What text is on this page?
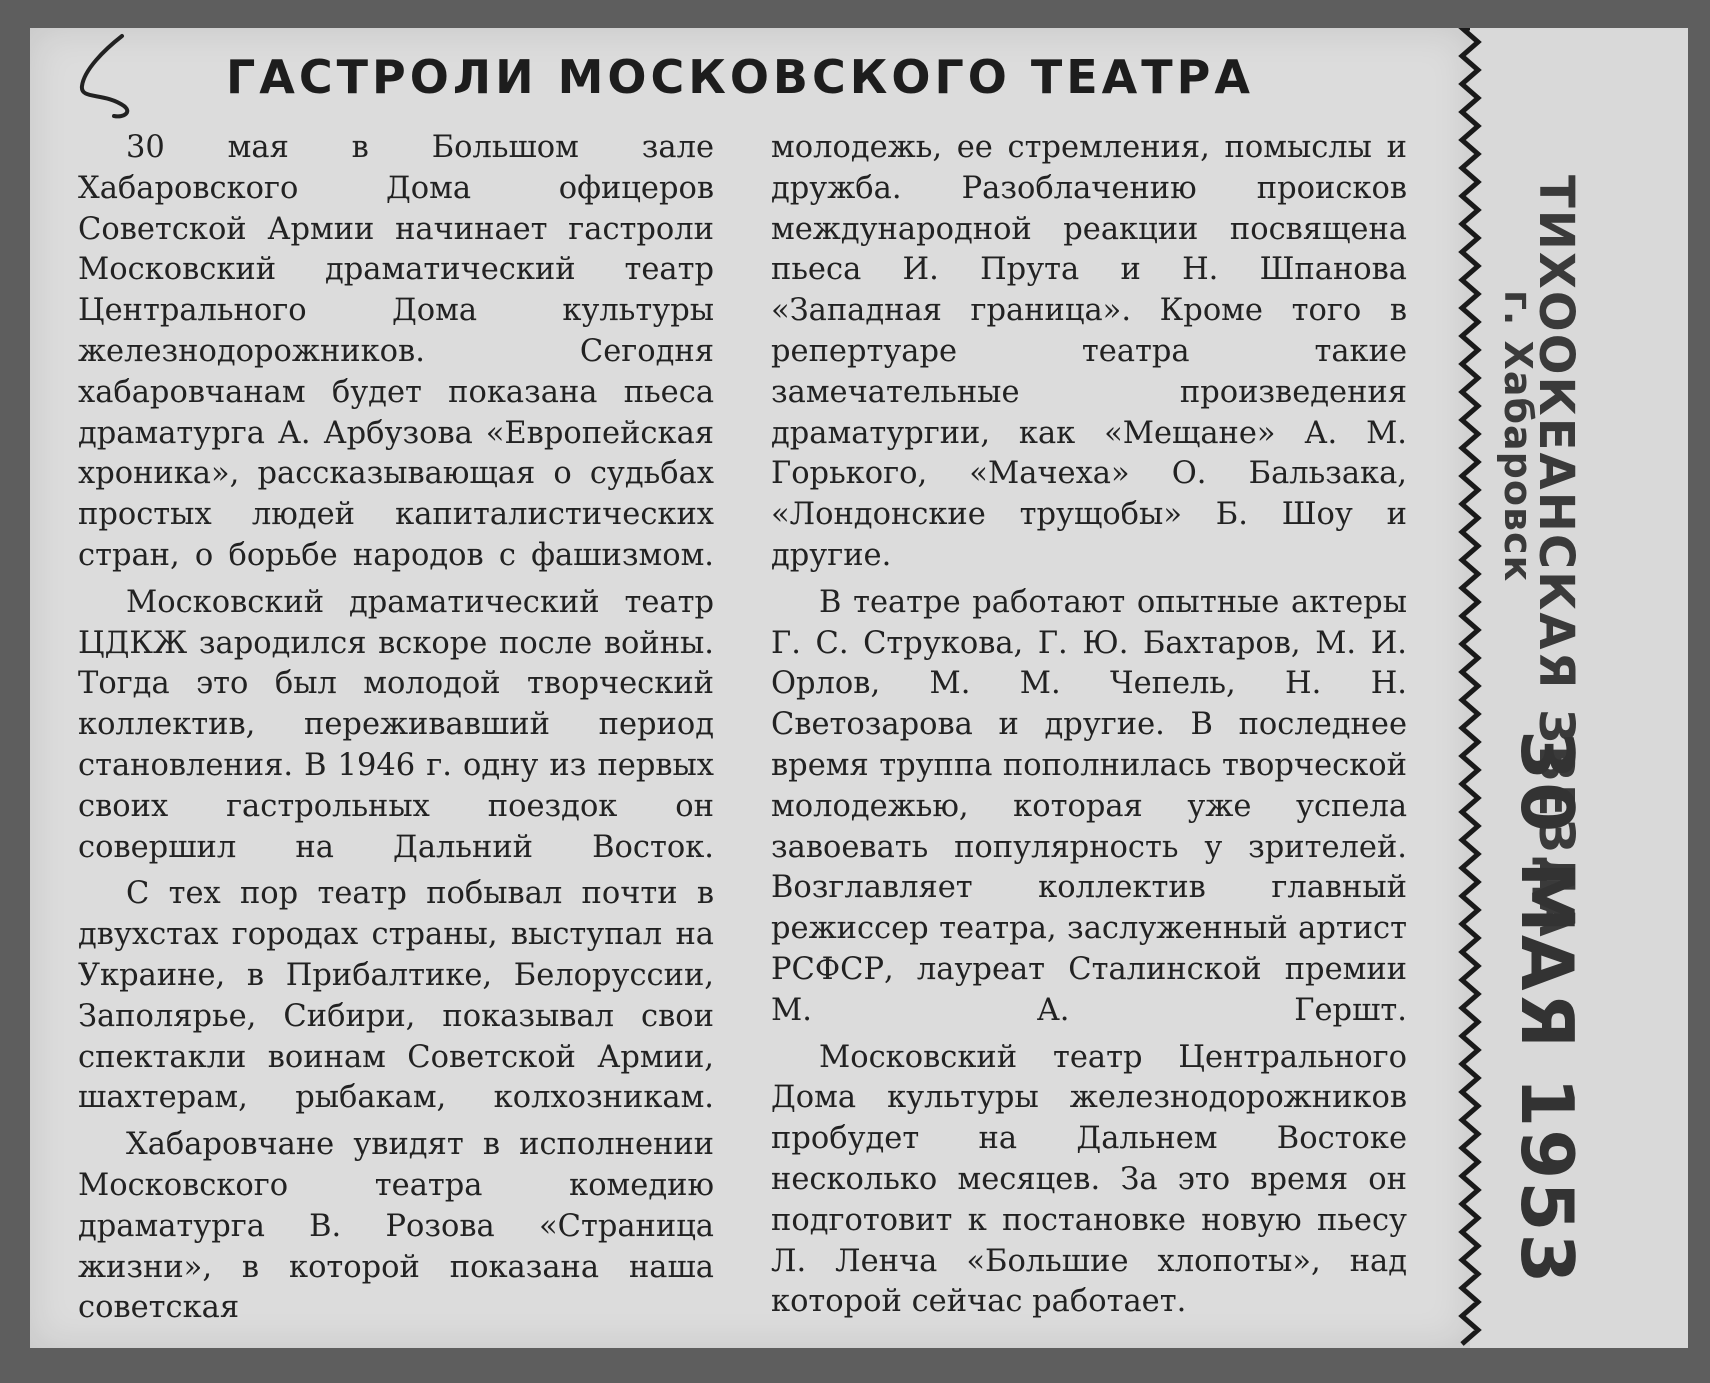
ГАСТРОЛИ МОСКОВСКОГО ТЕАТРА

30 мая в Большом зале Хабаровского Дома офицеров Советской Армии начинает гастроли Московский драматический театр Центрального Дома культуры железнодорожников. Сегодня хабаровчанам будет показана пьеса драматурга А. Арбузова «Европейская хроника», рассказывающая о судьбах простых людей капиталистических стран, о борьбе народов с фашизмом.

Московский драматический театр ЦДКЖ зародился вскоре после войны. Тогда это был молодой творческий коллектив, переживавший период становления. В 1946 г. одну из первых своих гастрольных поездок он совершил на Дальний Восток.

С тех пор театр побывал почти в двухстах городах страны, выступал на Украине, в Прибалтике, Белоруссии, Заполярье, Сибири, показывал свои спектакли воинам Советской Армии, шахтерам, рыбакам, колхозникам.

Хабаровчане увидят в исполнении Московского театра комедию драматурга В. Розова «Страница жизни», в которой показана наша советская

молодежь, ее стремления, помыслы и дружба. Разоблачению происков международной реакции посвящена пьеса И. Прута и Н. Шпанова «Западная граница». Кроме того в репертуаре театра такие замечательные произведения драматургии, как «Мещане» А. М. Горького, «Мачеха» О. Бальзака, «Лондонские трущобы» Б. Шоу и другие.

В театре работают опытные актеры Г. С. Струкова, Г. Ю. Бахтаров, М. И. Орлов, М. М. Чепель, Н. Н. Светозарова и другие. В последнее время труппа пополнилась творческой молодежью, которая уже успела завоевать популярность у зрителей. Возглавляет коллектив главный режиссер театра, заслуженный артист РСФСР, лауреат Сталинской премии М. А. Гершт.

Московский театр Центрального Дома культуры железнодорожников пробудет на Дальнем Востоке несколько месяцев. За это время он подготовит к постановке новую пьесу Л. Ленча «Большие хлопоты», над которой сейчас работает.

ТИХООКЕАНСКАЯ ЗВЕЗДА
г. Хабаровск
30 МАЯ 1953
